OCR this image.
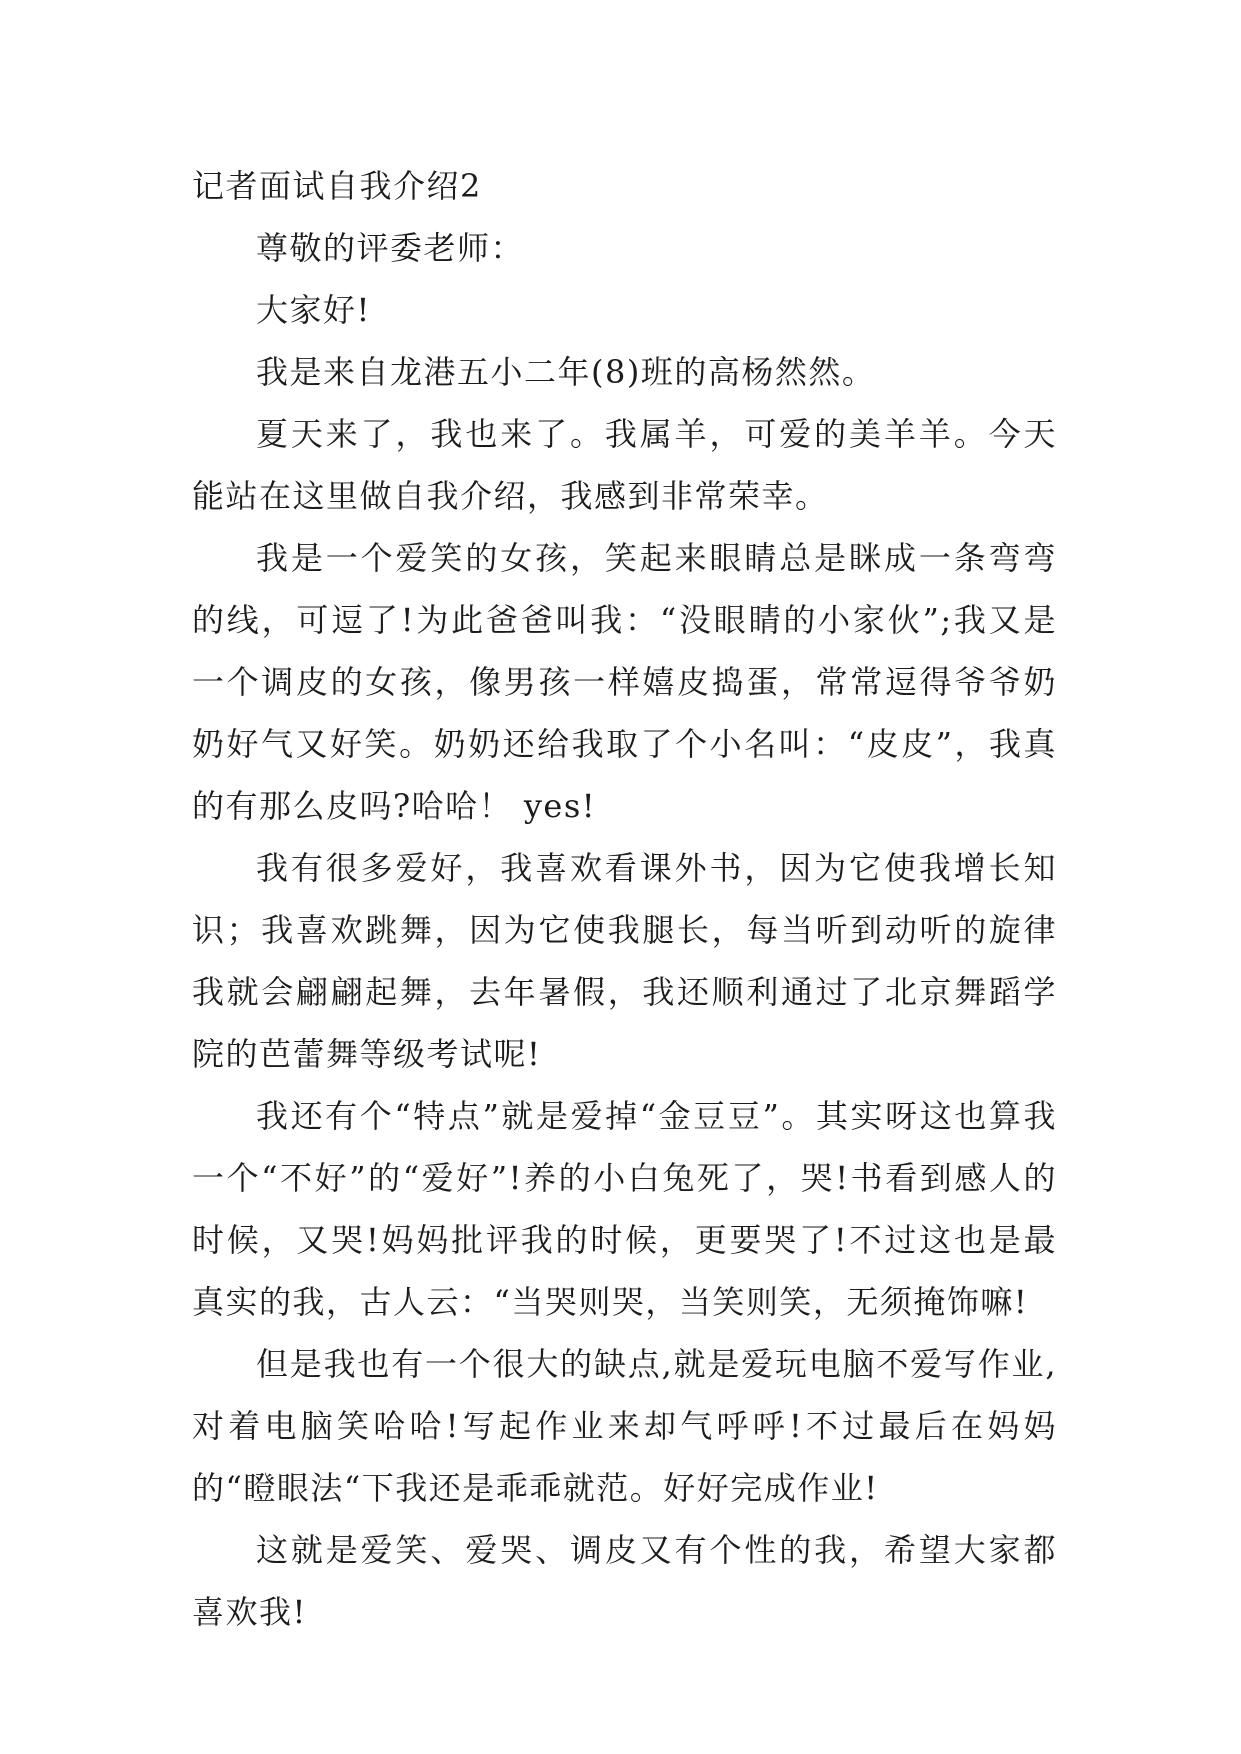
记者面试自我介绍2

尊敬的评委老师：

大家好!

我是来自龙港五小二年(8)班的高杨然然。

夏天来了，我也来了。我属羊，可爱的美羊羊。今天能站在这里做自我介绍，我感到非常荣幸。

我是一个爱笑的女孩，笑起来眼睛总是眯成一条弯弯的线，可逗了!为此爸爸叫我：“没眼睛的小家伙”;我又是一个调皮的女孩，像男孩一样嬉皮捣蛋，常常逗得爷爷奶奶好气又好笑。奶奶还给我取了个小名叫：“皮皮”，我真的有那么皮吗?哈哈！ yes!

我有很多爱好，我喜欢看课外书，因为它使我增长知识；我喜欢跳舞，因为它使我腿长，每当听到动听的旋律我就会翩翩起舞，去年暑假，我还顺利通过了北京舞蹈学院的芭蕾舞等级考试呢!

我还有个“特点”就是爱掉“金豆豆”。其实呀这也算我一个“不好”的“爱好”!养的小白兔死了，哭!书看到感人的时候，又哭!妈妈批评我的时候，更要哭了!不过这也是最真实的我，古人云：“当哭则哭，当笑则笑，无须掩饰嘛!

但是我也有一个很大的缺点,就是爱玩电脑不爱写作业,对着电脑笑哈哈!写起作业来却气呼呼!不过最后在妈妈的“瞪眼法“下我还是乖乖就范。好好完成作业!

这就是爱笑、爱哭、调皮又有个性的我，希望大家都喜欢我!
